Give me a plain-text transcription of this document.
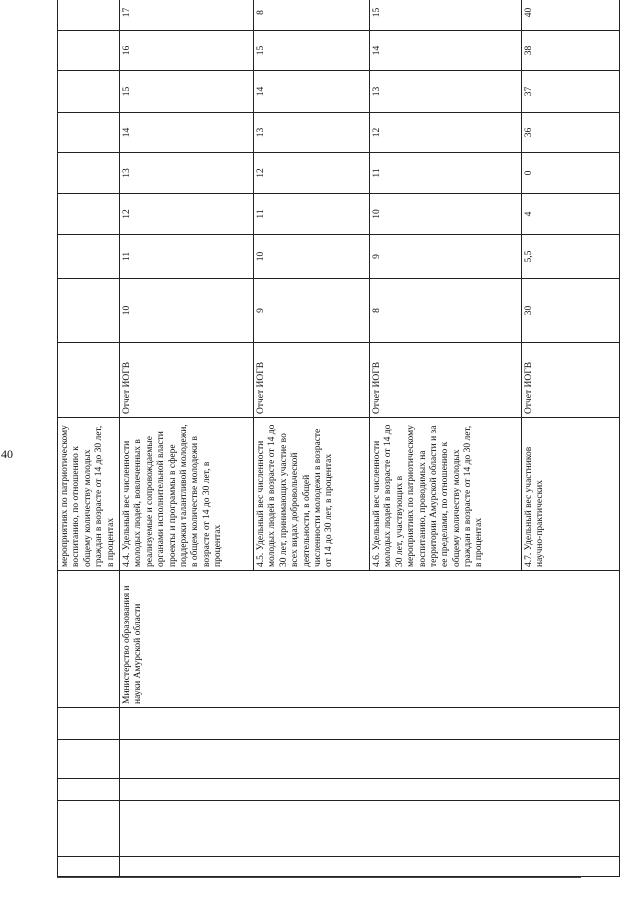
40
							мероприятиях по патриотическому воспитанию, по отношению к общему количеству молодых граждан в возрасте от 14 до 30 лет, в процентах									
					Министерство образования и науки Амурской области	4.4. Удельный вес численности молодых людей, вовлеченных в реализуемые и сопровождаемые органами исполнительной власти проекты и программы в сфере поддержки талантливой молодежи, в общем количестве молодежи в возрасте от 14 до 30 лет, в процентах	Отчет ИОГВ	10	11	12	13	14	15	16	17
						4.5. Удельный вес численности молодых людей в возрасте от 14 до 30 лет, принимающих участие во всех видах добровольческой деятельности, в общей численности молодежи в возрасте от 14 до 30 лет, в процентах	Отчет ИОГВ	9	10	11	12	13	14	15	8
						4.6. Удельный вес численности молодых людей в возрасте от 14 до 30 лет, участвующих в мероприятиях по патриотическому воспитанию, проводимых на территории Амурской области и за ее пределами, по отношению к общему количеству молодых граждан в возрасте от 14 до 30 лет, в процентах	Отчет ИОГВ	8	9	10	11	12	13	14	15
						4.7. Удельный вес участников научно-практических	Отчет ИОГВ	30	5,5	4	0	36	37	38	40
